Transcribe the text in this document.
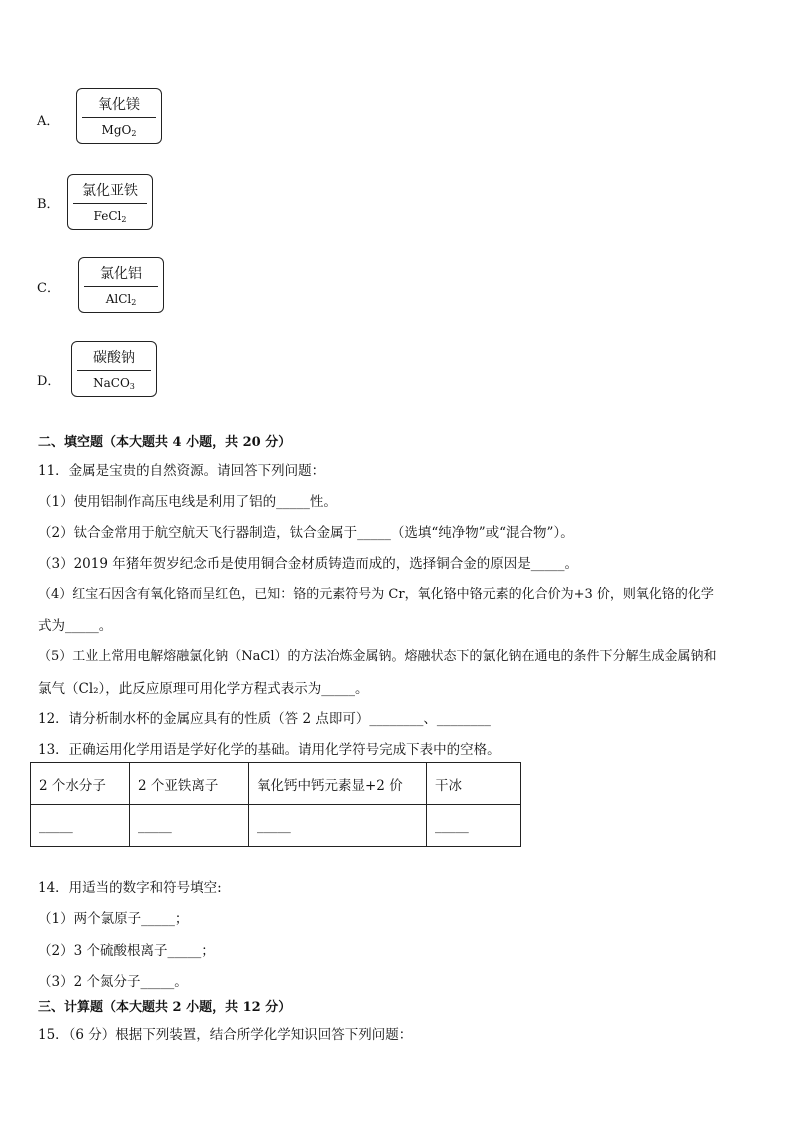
A．
氧化镁
MgO$_2$
B．
氯化亚铁
FeCl$_2$
C．
氯化铝
AlCl$_2$
D．
碳酸钠
NaCO$_3$
二、填空题（本大题共 4 小题，共 20 分）
11．金属是宝贵的自然资源。请回答下列问题：
（1）使用铝制作高压电线是利用了铝的_____性。
（2）钛合金常用于航空航天飞行器制造，钛合金属于_____（选填“纯净物”或“混合物”）。
（3）2019 年猪年贺岁纪念币是使用铜合金材质铸造而成的，选择铜合金的原因是_____。
（4）红宝石因含有氧化铬而呈红色，已知：铬的元素符号为 Cr，氧化铬中铬元素的化合价为+3 价，则氧化铬的化学
式为_____。
（5）工业上常用电解熔融氯化钠（NaCl）的方法冶炼金属钠。熔融状态下的氯化钠在通电的条件下分解生成金属钠和
氯气（Cl₂），此反应原理可用化学方程式表示为_____。
12．请分析制水杯的金属应具有的性质（答 2 点即可）________、________
13．正确运用化学用语是学好化学的基础。请用化学符号完成下表中的空格。
2 个水分子	2 个亚铁离子	氧化钙中钙元素显+2 价	干冰
_____	_____	_____	_____
14．用适当的数字和符号填空:
（1）两个氯原子_____；
（2）3 个硫酸根离子_____；
（3）2 个氮分子_____。
三、计算题（本大题共 2 小题，共 12 分）
15．（6 分）根据下列装置，结合所学化学知识回答下列问题：
